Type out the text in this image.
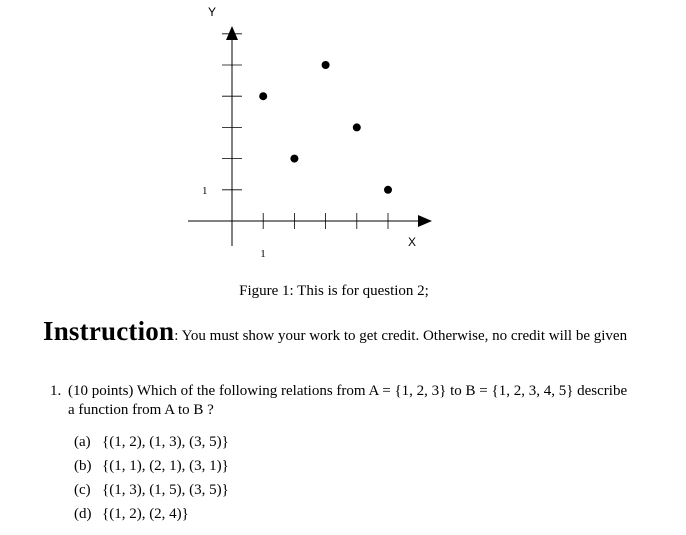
X
Y
1
1
Figure 1: This is for question 2;
Instruction: You must show your work to get credit. Otherwise, no credit will be given
1. (10 points) Which of the following relations from A = {1, 2, 3} to B = {1, 2, 3, 4, 5} describe a function from A to B ?
(a) {(1, 2), (1, 3), (3, 5)}
(b) {(1, 1), (2, 1), (3, 1)}
(c) {(1, 3), (1, 5), (3, 5)}
(d) {(1, 2), (2, 4)}
